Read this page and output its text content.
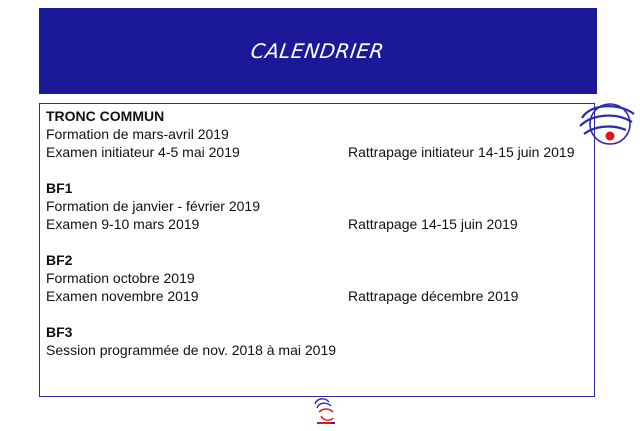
CALENDRIER
TRONC COMMUN
Formation de mars-avril 2019
Examen initiateur 4-5 mai 2019	Rattrapage initiateur 14-15 juin 2019
BF1
Formation de janvier - février 2019
Examen 9-10 mars 2019	Rattrapage 14-15 juin 2019
BF2
Formation octobre 2019
Examen novembre 2019	Rattrapage décembre 2019
BF3
Session programmée de nov. 2018 à mai 2019
